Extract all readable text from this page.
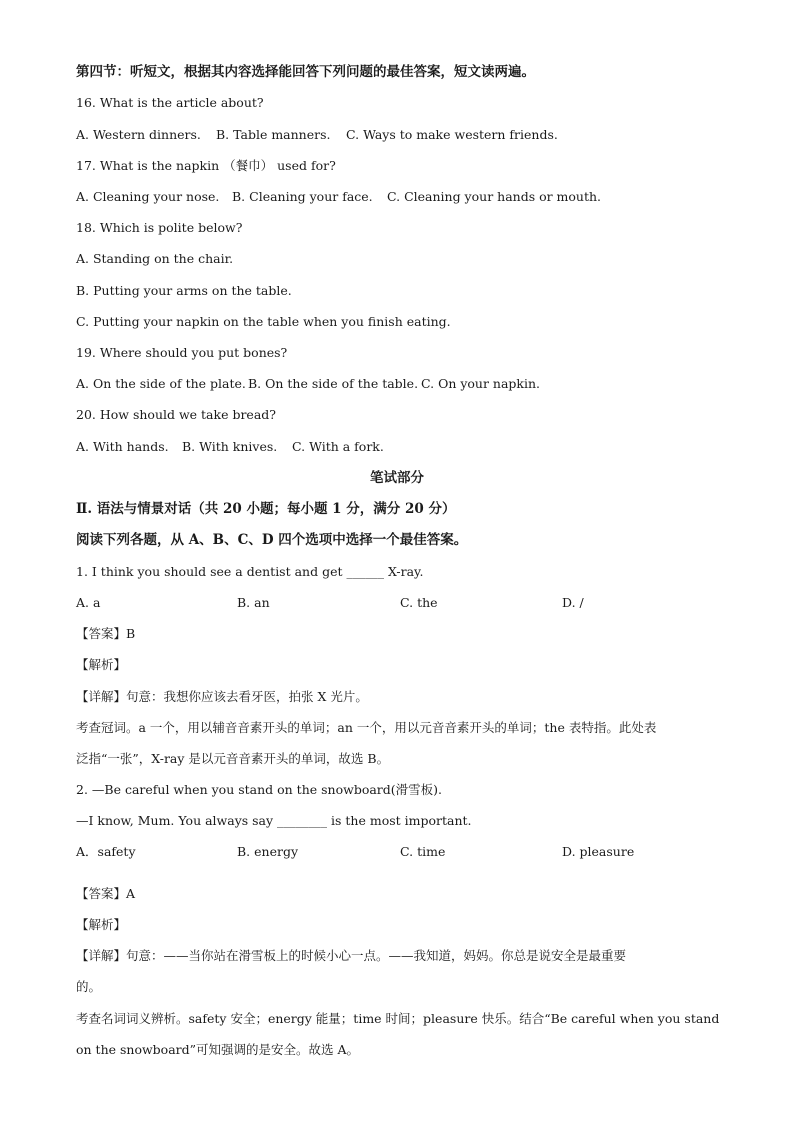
第四节：听短文，根据其内容选择能回答下列问题的最佳答案，短文读两遍。
16. What is the article about?
A. Western dinners. B. Table manners. C. Ways to make western friends.
17. What is the napkin （餐巾） used for?
A. Cleaning your nose. B. Cleaning your face. C. Cleaning your hands or mouth.
18. Which is polite below?
A. Standing on the chair.
B. Putting your arms on the table.
C. Putting your napkin on the table when you finish eating.
19. Where should you put bones?
A. On the side of the plate. B. On the side of the table. C. On your napkin.
20. How should we take bread?
A. With hands. B. With knives. C. With a fork.
笔试部分
Ⅱ. 语法与情景对话（共 20 小题；每小题 1 分，满分 20 分）
阅读下列各题，从 A、B、C、D 四个选项中选择一个最佳答案。
1. I think you should see a dentist and get ______ X-ray.
A. a	B. an	C. the	D. /
【答案】B
【解析】
【详解】句意：我想你应该去看牙医，拍张 X 光片。
考查冠词。a 一个，用以辅音音素开头的单词；an 一个，用以元音音素开头的单词；the 表特指。此处表
泛指“一张”，X-ray 是以元音音素开头的单词，故选 B。
2. —Be careful when you stand on the snowboard(滑雪板).
—I know, Mum. You always say ________ is the most important.
A．safety	B. energy	C. time	D. pleasure
【答案】A
【解析】
【详解】句意：——当你站在滑雪板上的时候小心一点。——我知道，妈妈。你总是说安全是最重要
的。
考查名词词义辨析。safety 安全；energy 能量；time 时间；pleasure 快乐。结合“Be careful when you stand
on the snowboard”可知强调的是安全。故选 A。
